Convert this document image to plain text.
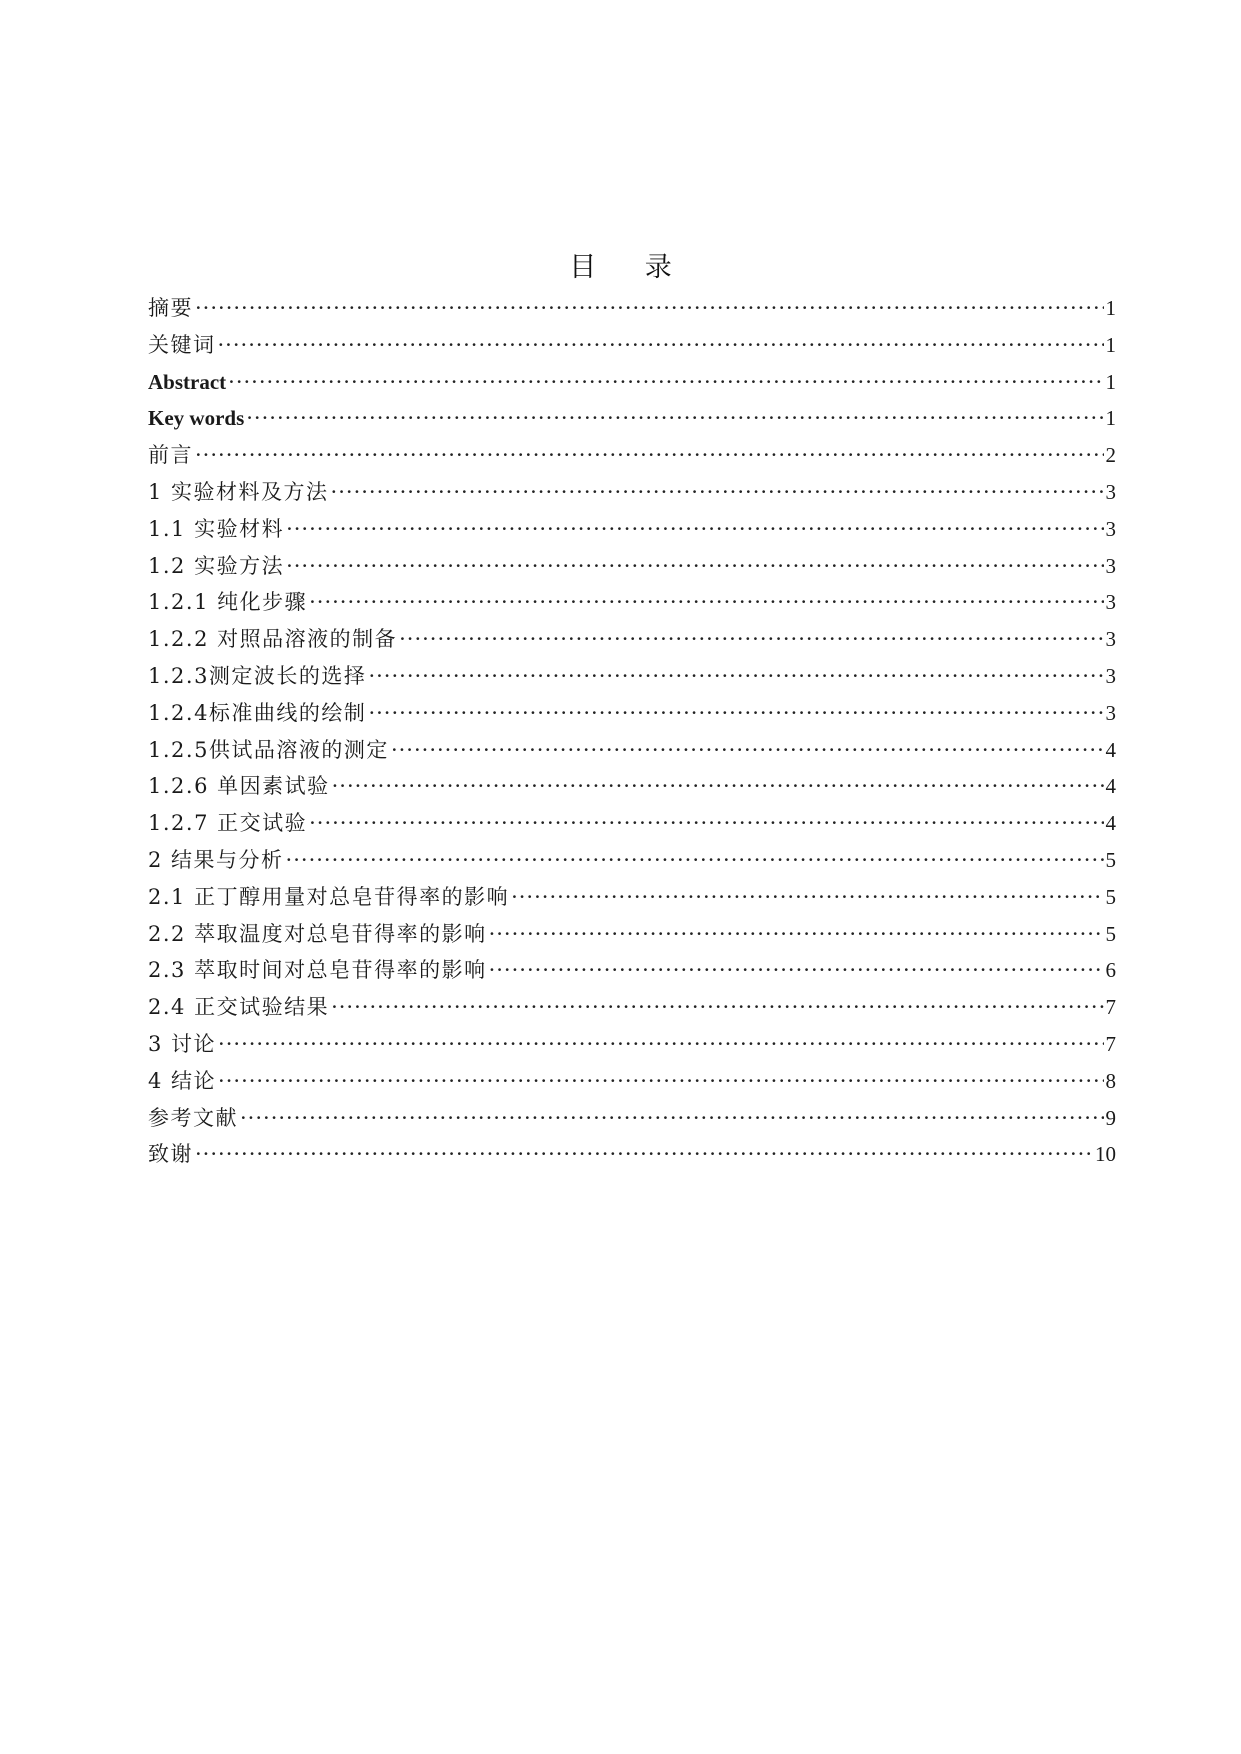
目 录
摘要 ·····	1
关键词 ·····	1
Abstract ·····	1
Key words ·····	1
前言 ·····	2
1 实验材料及方法 ·····	3
1.1 实验材料 ·····	3
1.2 实验方法 ·····	3
1.2.1 纯化步骤 ·····	3
1.2.2 对照品溶液的制备 ·····	3
1.2.3测定波长的选择 ·····	3
1.2.4标准曲线的绘制 ·····	3
1.2.5供试品溶液的测定 ·····	4
1.2.6 单因素试验 ·····	4
1.2.7 正交试验 ·····	4
2 结果与分析 ·····	5
2.1 正丁醇用量对总皂苷得率的影响 ·····	5
2.2 萃取温度对总皂苷得率的影响 ·····	5
2.3 萃取时间对总皂苷得率的影响 ·····	6
2.4 正交试验结果 ·····	7
3 讨论 ·····	7
4 结论 ·····	8
参考文献 ·····	9
致谢 ·····	10
